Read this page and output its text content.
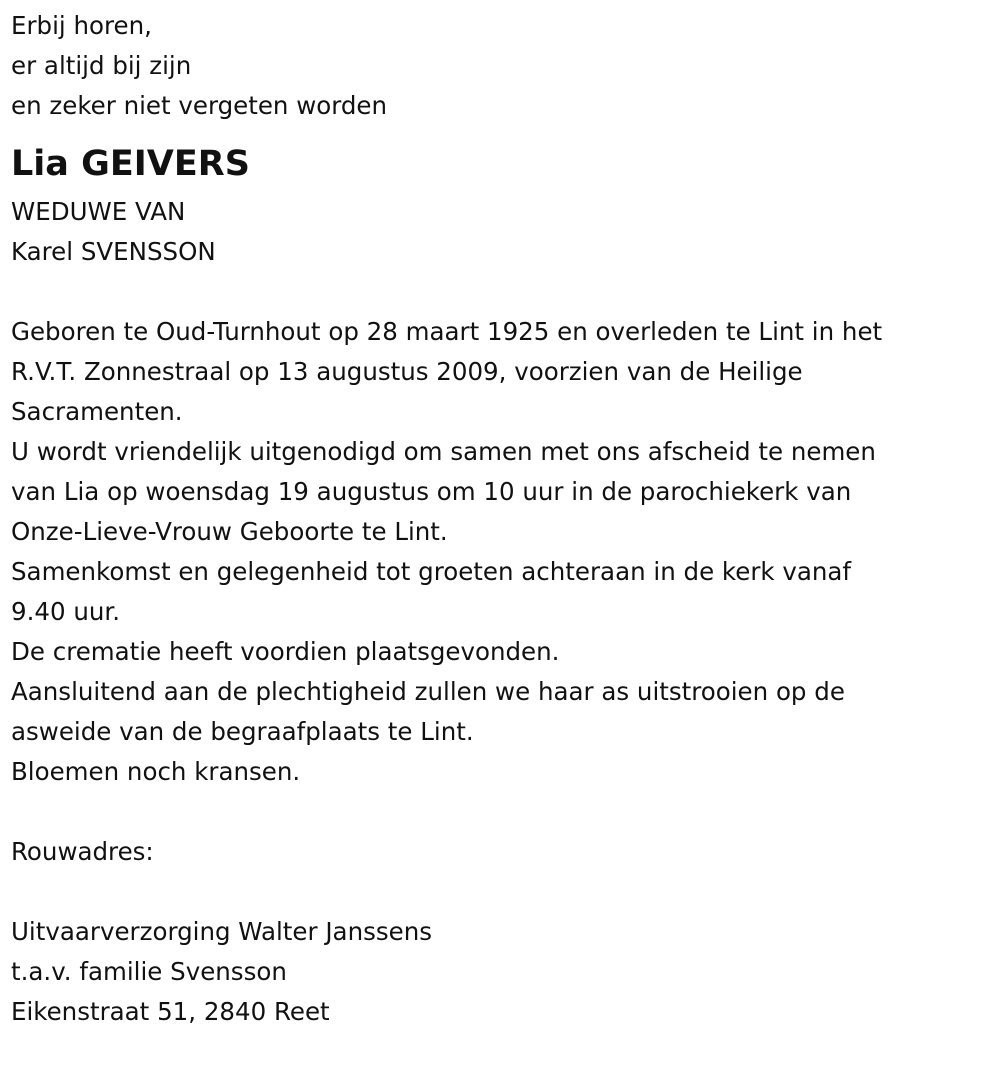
Erbij horen,

er altijd bij zijn

en zeker niet vergeten worden

Lia GEIVERS

WEDUWE VAN

Karel SVENSSON

Geboren te Oud-Turnhout op 28 maart 1925 en overleden te Lint in het

R.V.T. Zonnestraal op 13 augustus 2009, voorzien van de Heilige

Sacramenten.

U wordt vriendelijk uitgenodigd om samen met ons afscheid te nemen

van Lia op woensdag 19 augustus om 10 uur in de parochiekerk van

Onze-Lieve-Vrouw Geboorte te Lint.

Samenkomst en gelegenheid tot groeten achteraan in de kerk vanaf

9.40 uur.

De crematie heeft voordien plaatsgevonden.

Aansluitend aan de plechtigheid zullen we haar as uitstrooien op de

asweide van de begraafplaats te Lint.

Bloemen noch kransen.

Rouwadres:

Uitvaarverzorging Walter Janssens

t.a.v. familie Svensson

Eikenstraat 51, 2840 Reet
